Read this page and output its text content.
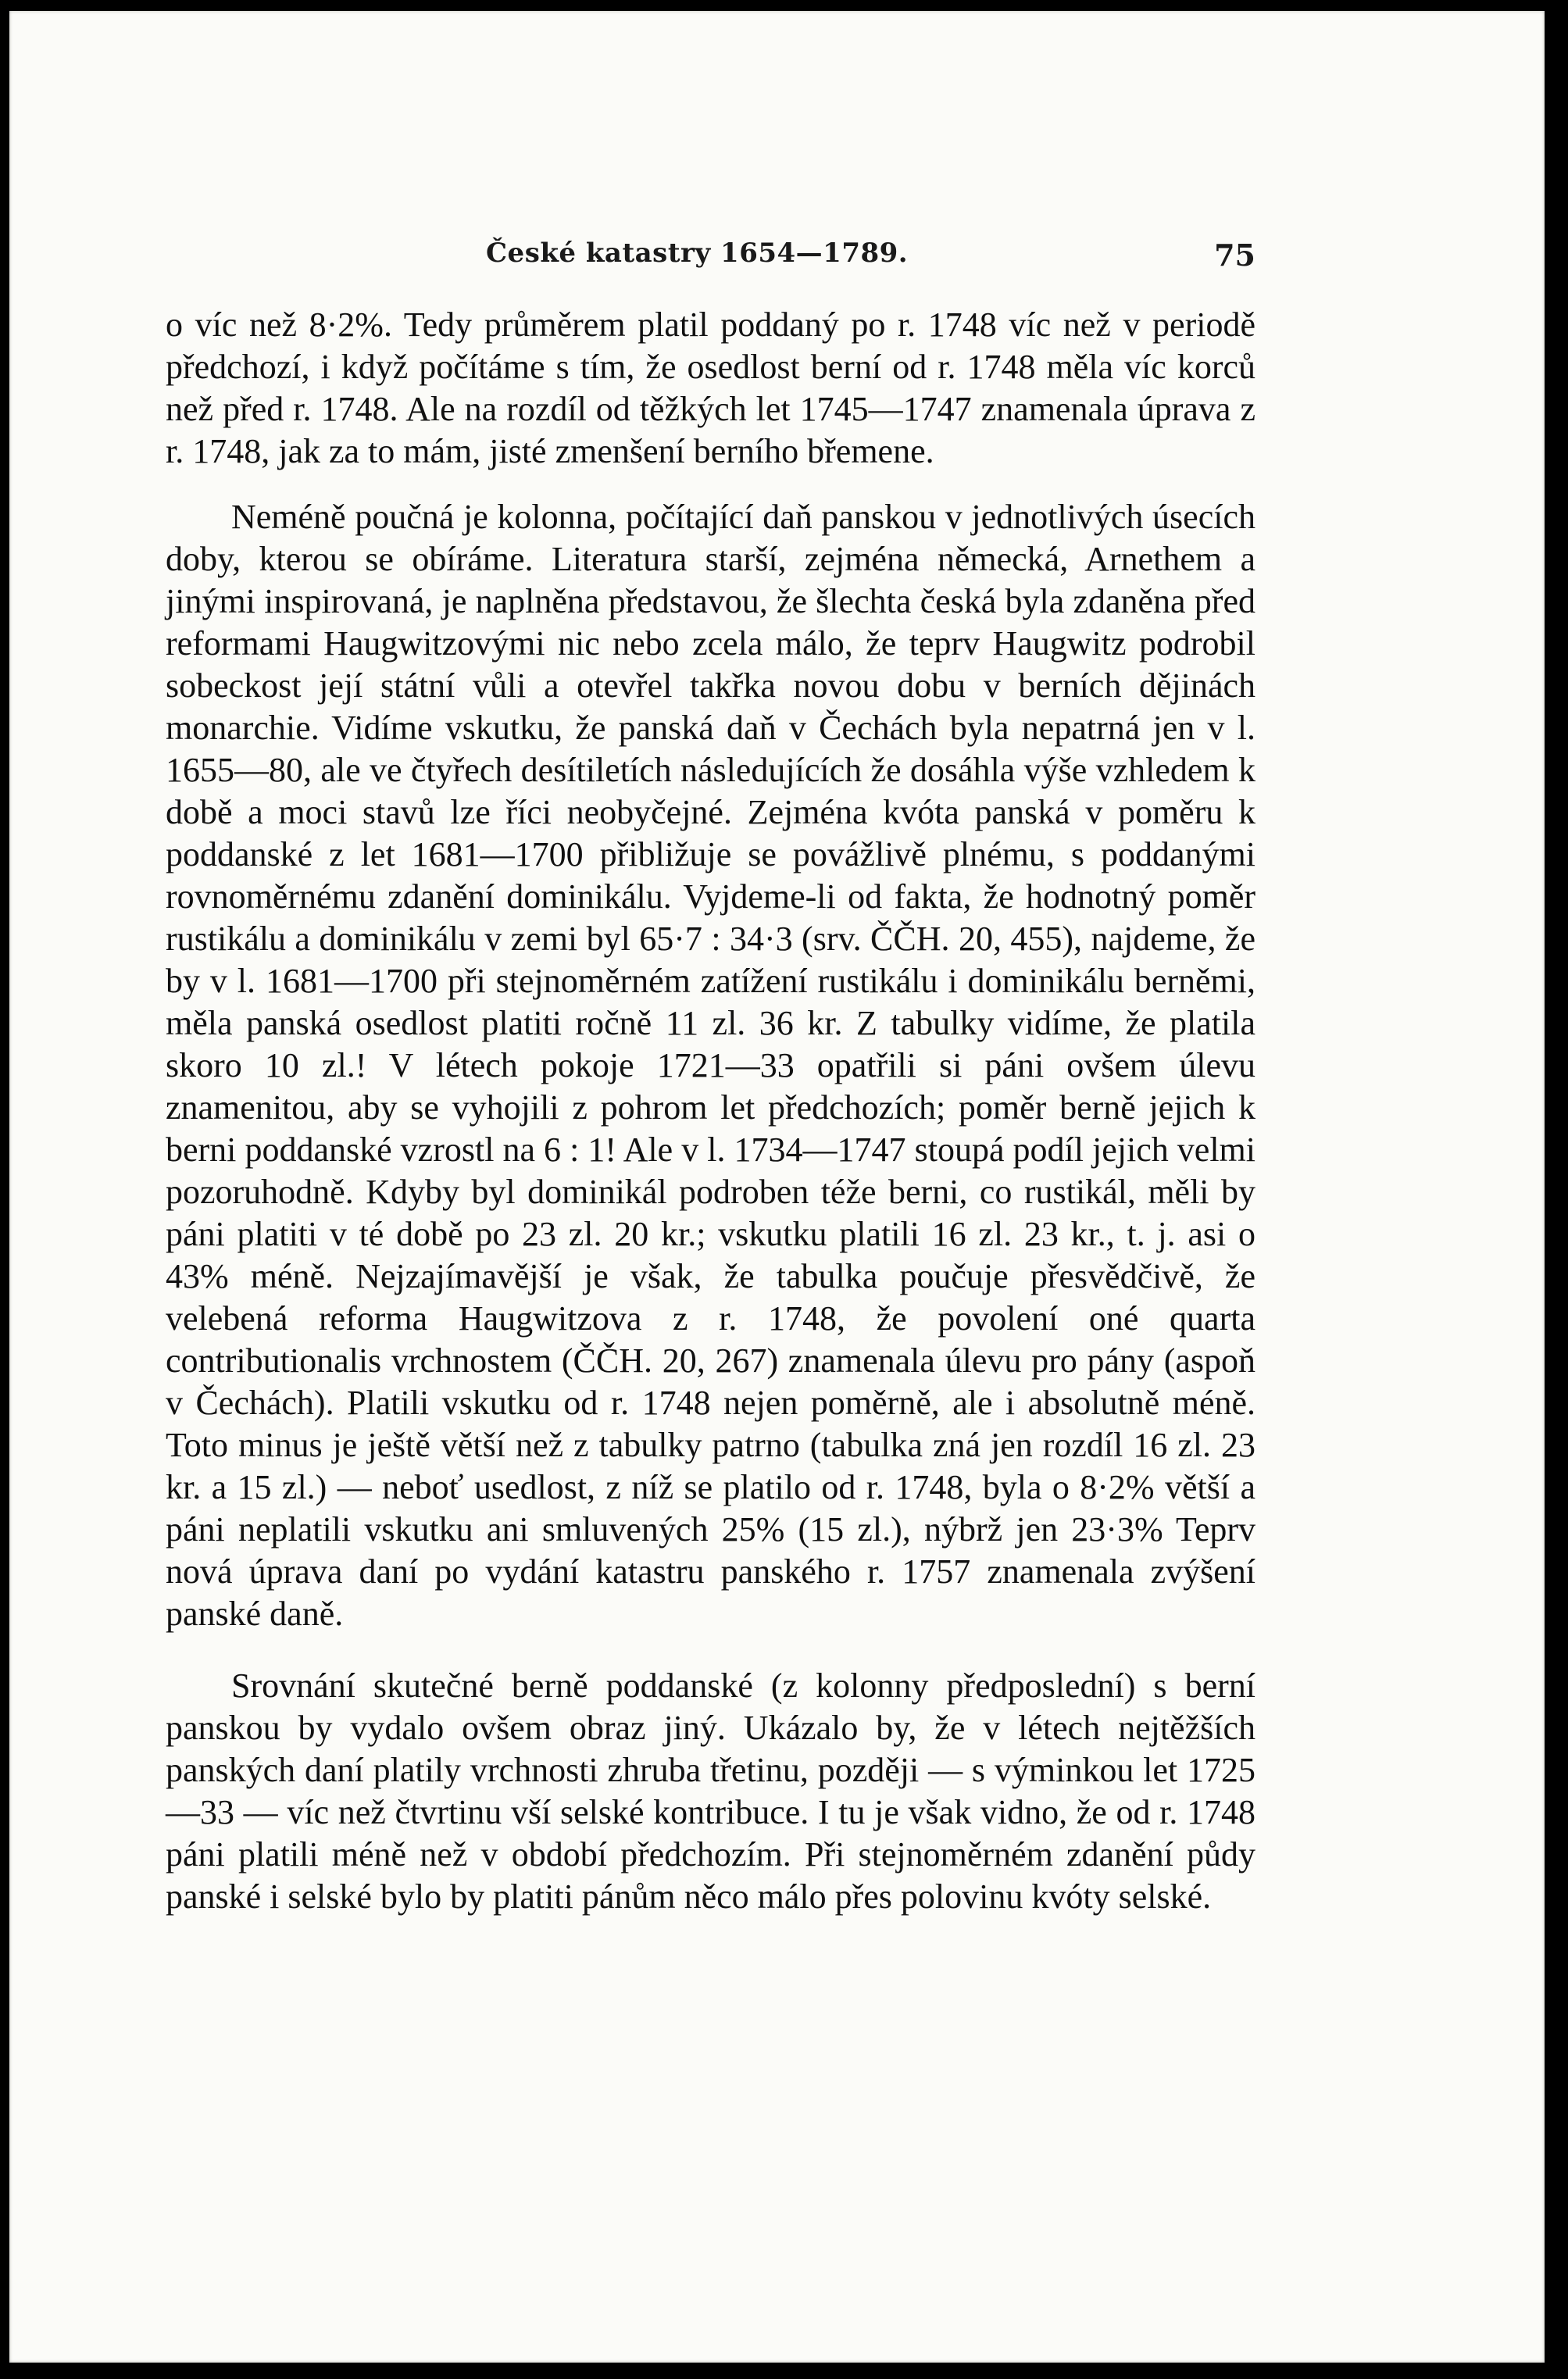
České katastry 1654—1789.	75

o víc než 8·2%. Tedy průměrem platil poddaný po r. 1748 víc než v periodě předchozí, i když počítáme s tím, že osedlost berní od r. 1748 měla víc korců než před r. 1748. Ale na rozdíl od těžkých let 1745—1747 znamenala úprava z r. 1748, jak za to mám, jisté zmenšení berního břemene.

Neméně poučná je kolonna, počítající daň panskou v jednotlivých úsecích doby, kterou se obíráme. Literatura starší, zejména německá, Arnethem a jinými inspirovaná, je naplněna představou, že šlechta česká byla zdaněna před reformami Haugwitzovými nic nebo zcela málo, že teprv Haugwitz podrobil sobeckost její státní vůli a otevřel takřka novou dobu v berních dějinách monarchie. Vidíme vskutku, že panská daň v Čechách byla nepatrná jen v l. 1655—80, ale ve čtyřech desítiletích následujících že dosáhla výše vzhledem k době a moci stavů lze říci neobyčejné. Zejména kvóta panská v poměru k poddanské z let 1681—1700 přibližuje se povážlivě plnému, s poddanými rovnoměrnému zdanění dominikálu. Vyjdeme-li od fakta, že hodnotný poměr rustikálu a dominikálu v zemi byl 65·7 : 34·3 (srv. ČČH. 20, 455), najdeme, že by v l. 1681—1700 při stejnoměrném zatížení rustikálu i dominikálu berněmi, měla panská osedlost platiti ročně 11 zl. 36 kr. Z tabulky vidíme, že platila skoro 10 zl.! V létech pokoje 1721—33 opatřili si páni ovšem úlevu znamenitou, aby se vyhojili z pohrom let předchozích; poměr berně jejich k berni poddanské vzrostl na 6 : 1! Ale v l. 1734—1747 stoupá podíl jejich velmi pozoruhodně. Kdyby byl dominikál podroben téže berni, co rustikál, měli by páni platiti v té době po 23 zl. 20 kr.; vskutku platili 16 zl. 23 kr., t. j. asi o 43% méně. Nejzajímavější je však, že tabulka poučuje přesvědčivě, že velebená reforma Haugwitzova z r. 1748, že povolení oné quarta contributionalis vrchnostem (ČČH. 20, 267) znamenala úlevu pro pány (aspoň v Čechách). Platili vskutku od r. 1748 nejen poměrně, ale i absolutně méně. Toto minus je ještě větší než z tabulky patrno (tabulka zná jen rozdíl 16 zl. 23 kr. a 15 zl.) — neboť usedlost, z níž se platilo od r. 1748, byla o 8·2% větší a páni neplatili vskutku ani smluvených 25% (15 zl.), nýbrž jen 23·3% Teprv nová úprava daní po vydání katastru panského r. 1757 znamenala zvýšení panské daně.

Srovnání skutečné berně poddanské (z kolonny předposlední) s berní panskou by vydalo ovšem obraz jiný. Ukázalo by, že v létech nejtěžších panských daní platily vrchnosti zhruba třetinu, později — s výminkou let 1725—33 — víc než čtvrtinu vší selské kontribuce. I tu je však vidno, že od r. 1748 páni platili méně než v období předchozím. Při stejnoměrném zdanění půdy panské i selské bylo by platiti pánům něco málo přes polovinu kvóty selské.
